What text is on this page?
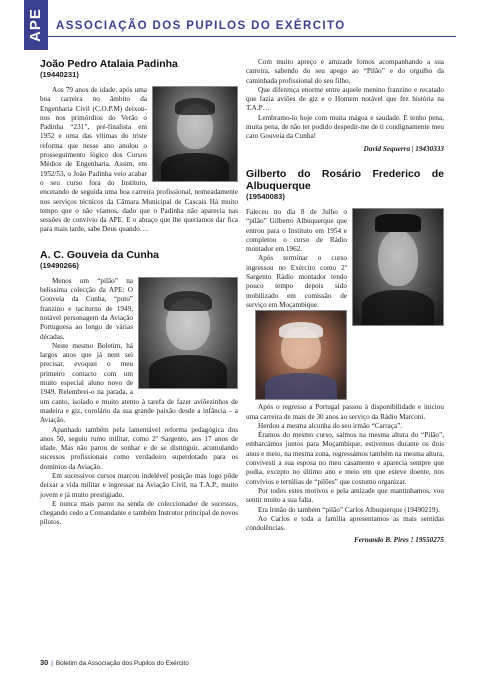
APE	ASSOCIAÇÃO DOS PUPILOS DO EXÉRCITO
João Pedro Atalaia Padinha
(19440231)

Aos 79 anos de idade, após uma boa carreira no âmbito da Engenharia Civil (C.O.P.M) deixou-nos nos primórdios do Verão o Padinha “231”, pré-finalista em 1952 e uma das vítimas do triste reforma que nesse ano anulou o prosseguimento lógico dos Cursos Médios de Engenharia. Assim, em 1952/53, o João Padinha veio acabar o seu curso fora do Instituto, encetando de seguida uma boa carreira profissional, nomeadamente nos serviços técnicos da Câmara Municipal de Cascais Há muito tempo que o não víamos, dado que o Padinha não aparecia nas sessões de convívio da APE. E o abraço que lhe queríamos dar fica para mais tarde, sabe Deus quando….

A. C. Gouveia da Cunha
(19490266)

Menos um “pilão” na belíssima colecção da APE: O Gouveia da Cunha, “puto” franzino e taciturno de 1949, notável personagem da Aviação Portuguesa ao longo de várias décadas.

Neste mesmo Boletim, há largos anos que já nem sei precisar, evoquei o meu primeiro contacto com um muito especial aluno novo de 1949. Relembrei-o na parada, a um canto, isolado e muito atento à tarefa de fazer aviõezinhos de madeira e giz, corolário da sua grande paixão desde a infância – a Aviação.

Apanhado também pela lamentável reforma pedagógica dos anos 50, seguiu rumo militar, como 2º Sargento, aos 17 anos de idade. Mas não parou de sonhar e de se distinguir, acumulando sucessos profissionais como verdadeiro superdotado para os domínios da Aviação.

Em sucessivos cursos marcou indelével posição mas logo pôde deixar a vida militar e ingressar na Aviação Civil, na T.A.P., muito jovem e já muito prestigiado.

E nunca mais parou na senda de coleccionador de sucessos, chegando cedo a Comandante e também Instrutor principal de novos pilotos.

Com muito apreço e amizade fomos acompanhando a sua carreira, sabendo do seu apego ao “Pilão” e do orgulho da caminhada profissional do seu filho.

Que diferença enorme entre aquele menino franzino e recatado que fazia aviões de giz e o Homem notável que fez história na T.A.P…

Lembramo-lo hoje com muita mágoa e saudade. E tenho pena, muita pena, de não ter podido despedir-me de ti condignamente meu caro Gouveia da Cunha!

David Sequerra | 19430333
Gilberto do Rosário Frederico de Albuquerque
(19540083)

Faleceu no dia 8 de Julho o “pilão” Gilberto Albuquerque que entrou para o Instituto em 1954 e completou o curso de Rádio montador em 1962.

Após terminar o curso ingressou no Exército como 2º Sargento Rádio montador tendo pouco tempo depois sido mobilizado em comissão de serviço em Moçambique.

Após o regresso a Portugal passou à disponibilidade e iniciou uma carreira de mais de 30 anos ao serviço da Rádio Marconi.

Herdou a mesma alcunha do seu irmão “Carraça”.

Éramos do mesmo curso, saímos na mesma altura do “Pilão”, embarcámos juntos para Moçambique, estivemos durante os dois anos e meio, na mesma zona, regressámos também na mesma altura, convivesti a sua esposa no meu casamento e aparecia sempre que podia, excepto no último ano e meio em que esteve doente, nos convívios e tertúlias de “pilões” que costumo organizar.

Por todos estes motivos e pela amizade que mantinhamos, vou sentir muito a sua falta.

Era irmão do também “pilão” Carlos Albuquerque (19490219).

Ao Carlos e toda a família apresentamos as mais sentidas condolências.

Fernando B. Pires ! 19550275
30 | Boletim da Associação dos Pupilos do Exército
